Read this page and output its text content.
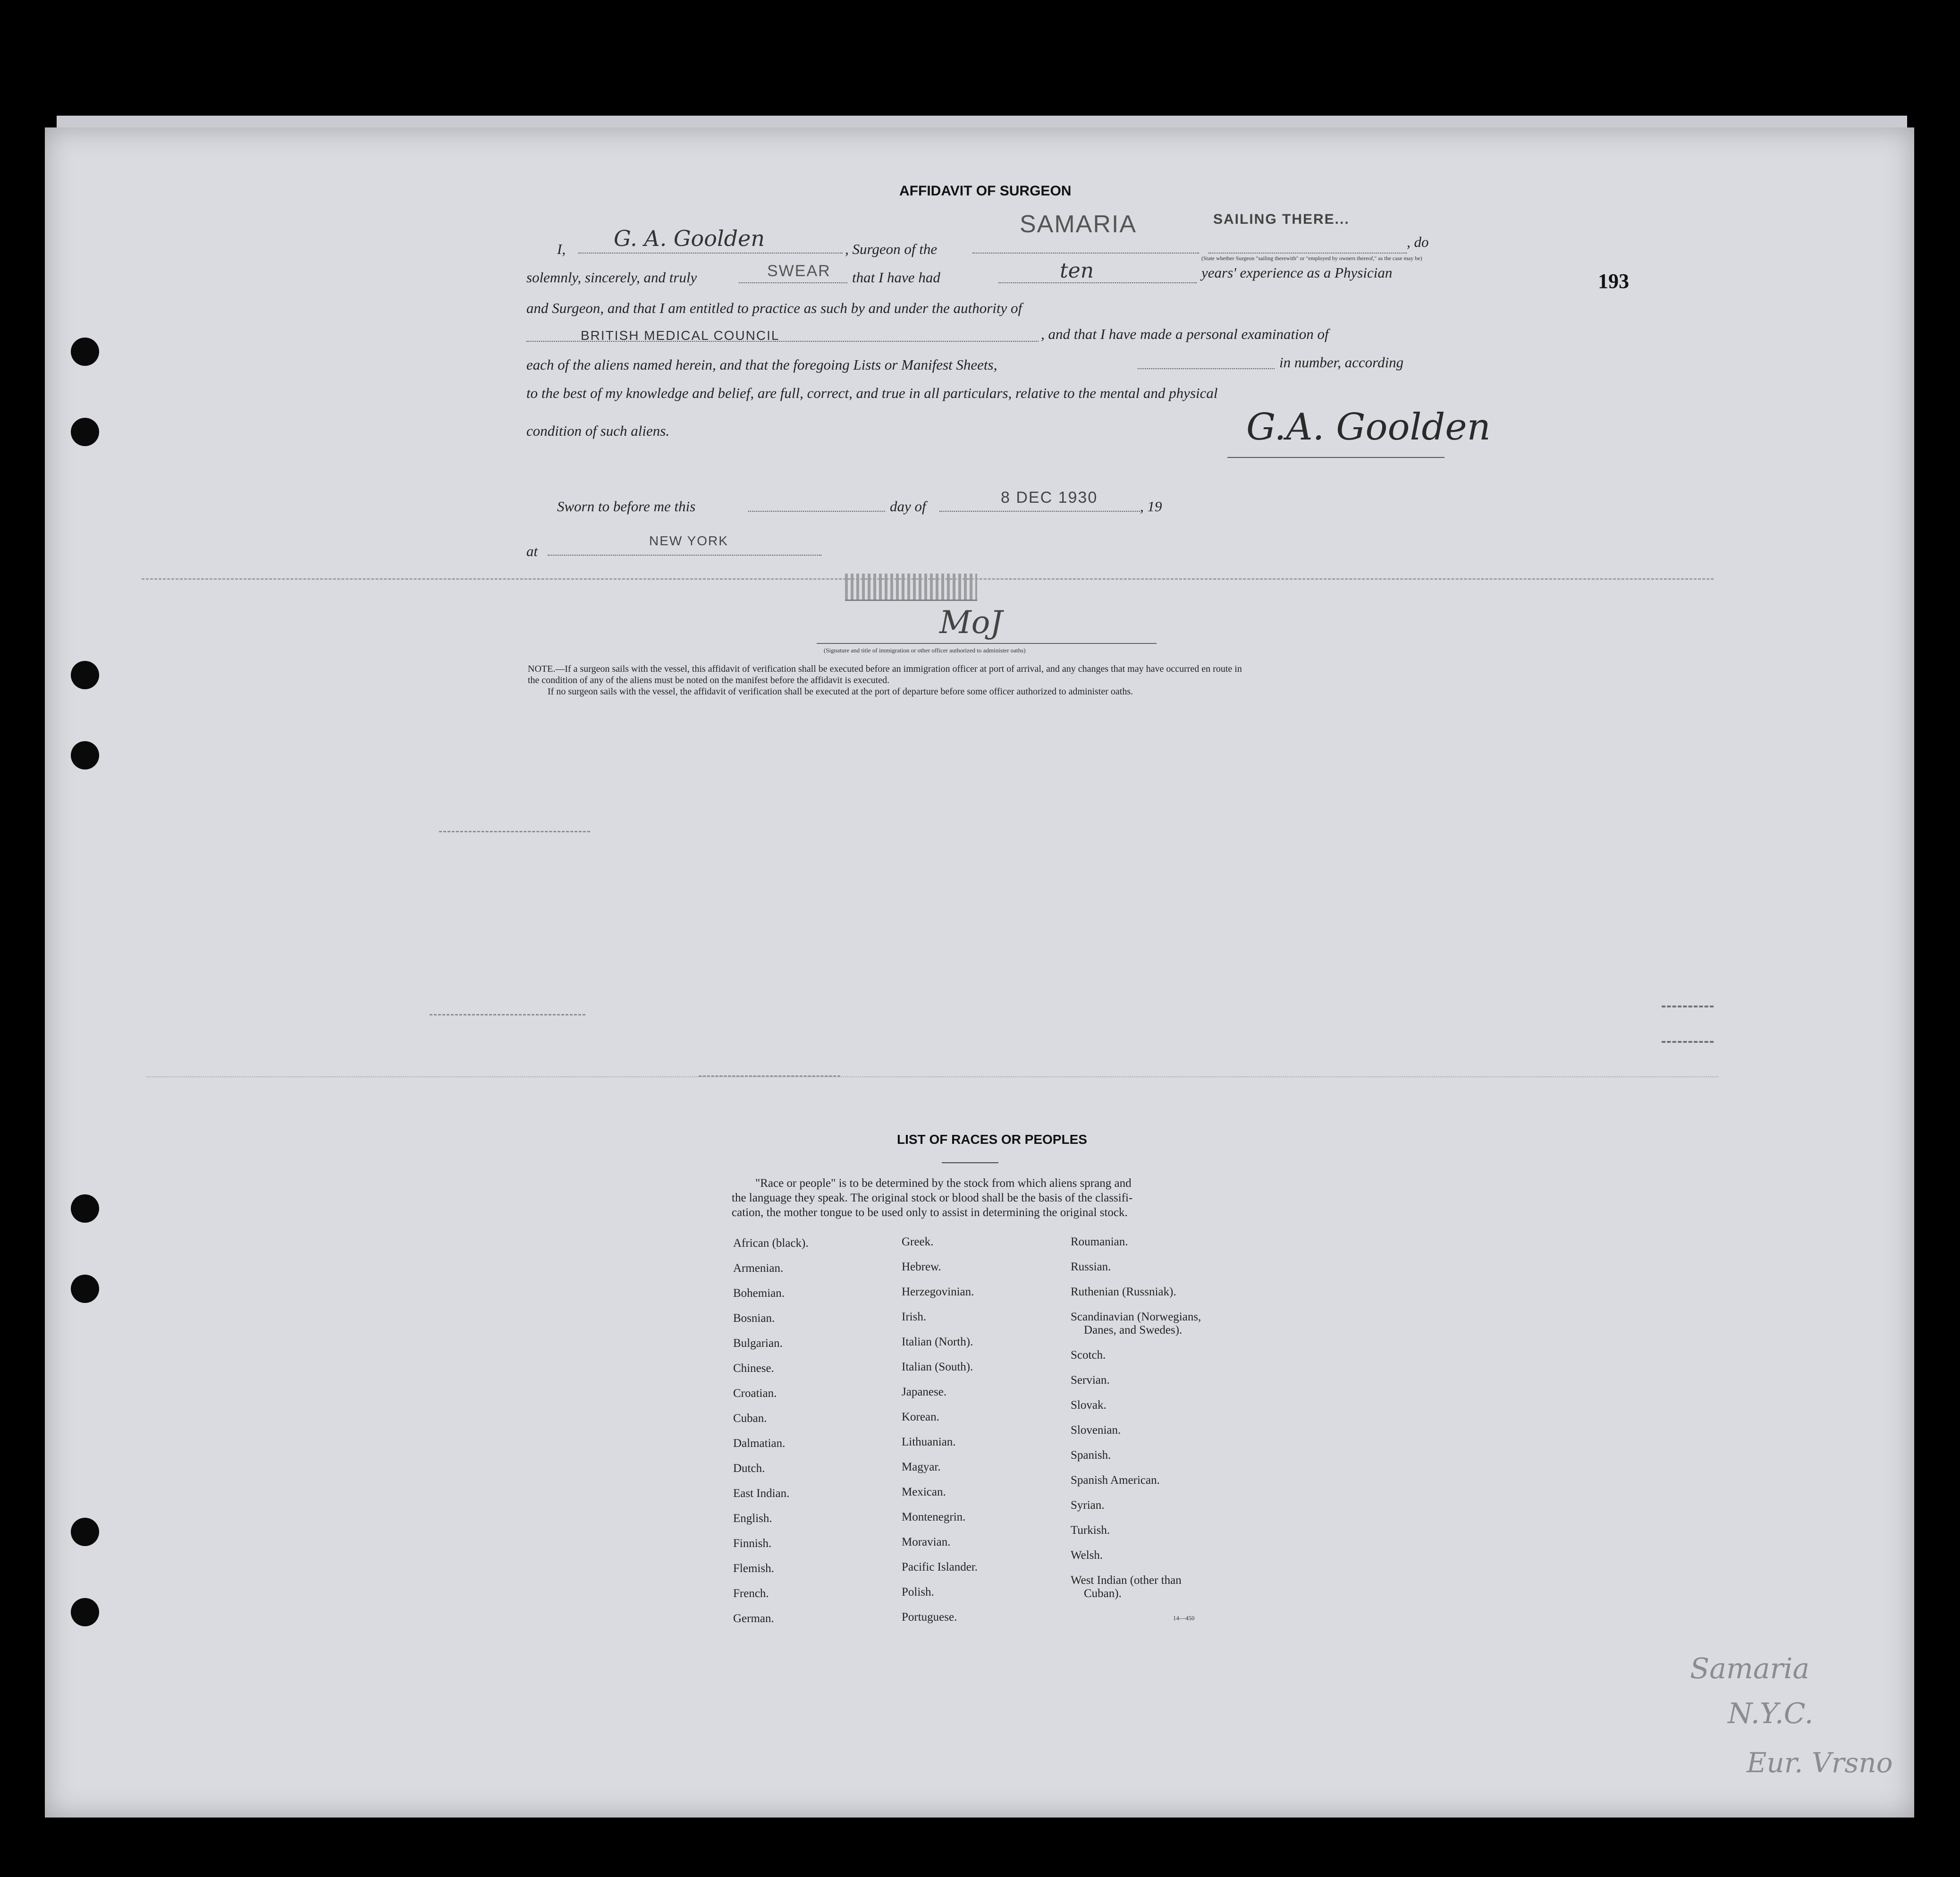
193
AFFIDAVIT OF SURGEON
I, G. A. Goolden	, Surgeon of the
SAMARIA	SAILING THERE...
, do
(State whether Surgeon "sailing therewith" or "employed by owners thereof," as the case may be)
solemnly, sincerely, and truly	SWEAR that I have had	ten	years' experience as a Physician
and Surgeon, and that I am entitled to practice as such by and under the authority of
BRITISH MEDICAL COUNCIL	, and that I have made a personal examination of
each of the aliens named herein, and that the foregoing Lists or Manifest Sheets,	in number, according
to the best of my knowledge and belief, are full, correct, and true in all particulars, relative to the mental and physical
condition of such aliens.	G.A. Goolden
Sworn to before me this	day of	8 DEC 1930	, 19
at
NEW YORK
MoJ
(Signature and title of immigration or other officer authorized to administer oaths)
NOTE.—If a surgeon sails with the vessel, this affidavit of verification shall be executed before an immigration officer at port of arrival, and any changes that may have occurred en route in
the condition of any of the aliens must be noted on the manifest before the affidavit is executed.
If no surgeon sails with the vessel, the affidavit of verification shall be executed at the port of departure before some officer authorized to administer oaths.
LIST OF RACES OR PEOPLES
"Race or people" is to be determined by the stock from which aliens sprang and
the language they speak. The original stock or blood shall be the basis of the classifi-
cation, the mother tongue to be used only to assist in determining the original stock.
African (black).
Armenian.
Bohemian.
Bosnian.
Bulgarian.
Chinese.
Croatian.
Cuban.
Dalmatian.
Dutch.
East Indian.
English.
Finnish.
Flemish.
French.
German.
Greek.
Hebrew.
Herzegovinian.
Irish.
Italian (North).
Italian (South).
Japanese.
Korean.
Lithuanian.
Magyar.
Mexican.
Montenegrin.
Moravian.
Pacific Islander.
Polish.
Portuguese.
Roumanian.
Russian.
Ruthenian (Russniak).
Scandinavian (Norwegians,
Danes, and Swedes).
Scotch.
Servian.
Slovak.
Slovenian.
Spanish.
Spanish American.
Syrian.
Turkish.
Welsh.
West Indian (other than
Cuban).
14—450
Samaria
N.Y.C.
Eur. Vrsno
